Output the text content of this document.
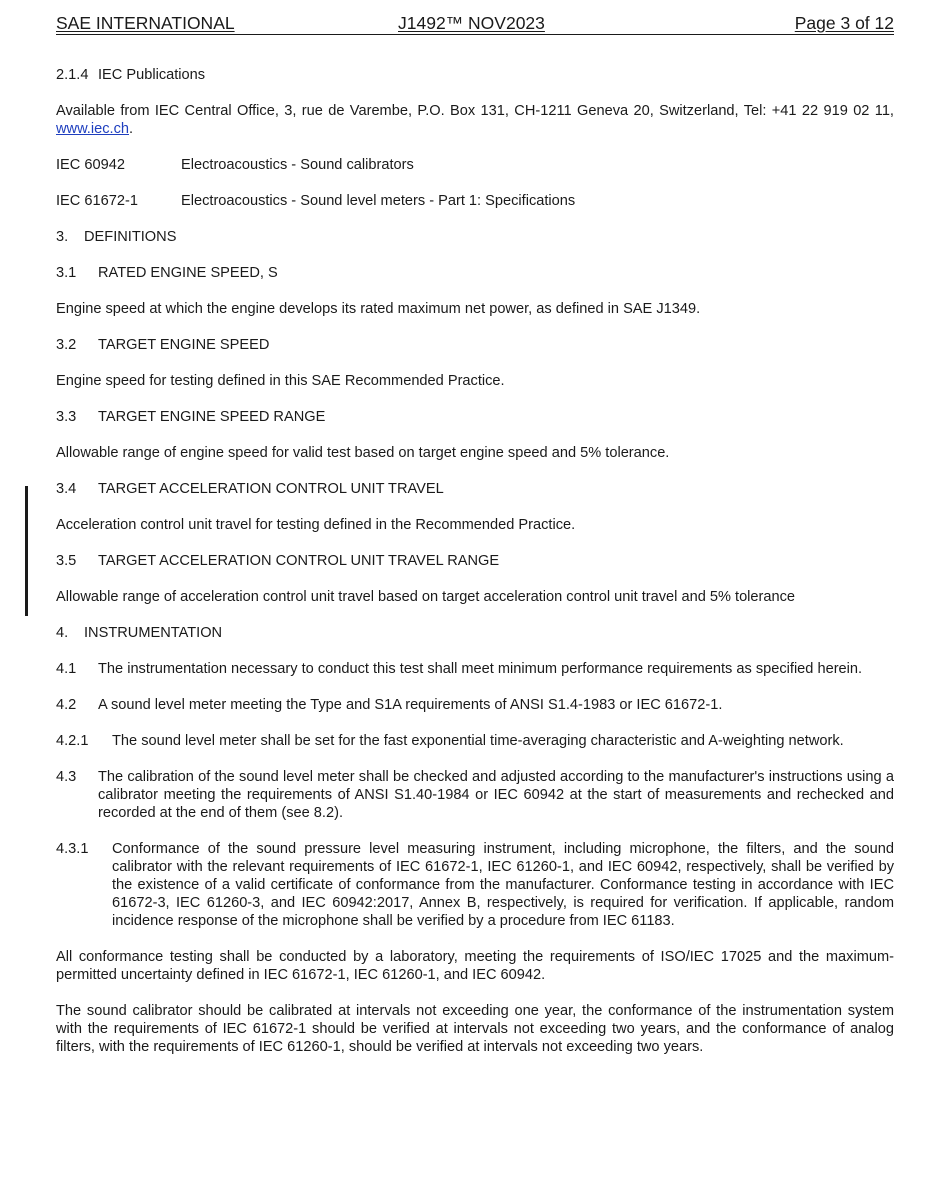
SAE INTERNATIONAL	J1492™ NOV2023	Page 3 of 12
2.1.4 IEC Publications

Available from IEC Central Office, 3, rue de Varembe, P.O. Box 131, CH-1211 Geneva 20, Switzerland, Tel: +41 22 919 02 11, www.iec.ch.

IEC 60942	Electroacoustics - Sound calibrators
IEC 61672-1	Electroacoustics - Sound level meters - Part 1: Specifications
3.	DEFINITIONS
3.1	RATED ENGINE SPEED, S

Engine speed at which the engine develops its rated maximum net power, as defined in SAE J1349.

3.2	TARGET ENGINE SPEED

Engine speed for testing defined in this SAE Recommended Practice.

3.3	TARGET ENGINE SPEED RANGE

Allowable range of engine speed for valid test based on target engine speed and 5% tolerance.

3.4	TARGET ACCELERATION CONTROL UNIT TRAVEL

Acceleration control unit travel for testing defined in the Recommended Practice.

3.5	TARGET ACCELERATION CONTROL UNIT TRAVEL RANGE

Allowable range of acceleration control unit travel based on target acceleration control unit travel and 5% tolerance

4.	INSTRUMENTATION
4.1	The instrumentation necessary to conduct this test shall meet minimum performance requirements as specified herein.
4.2	A sound level meter meeting the Type and S1A requirements of ANSI S1.4-1983 or IEC 61672-1.
4.2.1	The sound level meter shall be set for the fast exponential time-averaging characteristic and A-weighting network.
4.3	The calibration of the sound level meter shall be checked and adjusted according to the manufacturer's instructions using a calibrator meeting the requirements of ANSI S1.40-1984 or IEC 60942 at the start of measurements and rechecked and recorded at the end of them (see 8.2).
4.3.1	Conformance of the sound pressure level measuring instrument, including microphone, the filters, and the sound calibrator with the relevant requirements of IEC 61672-1, IEC 61260-1, and IEC 60942, respectively, shall be verified by the existence of a valid certificate of conformance from the manufacturer. Conformance testing in accordance with IEC 61672-3, IEC 61260-3, and IEC 60942:2017, Annex B, respectively, is required for verification. If applicable, random incidence response of the microphone shall be verified by a procedure from IEC 61183.

All conformance testing shall be conducted by a laboratory, meeting the requirements of ISO/IEC 17025 and the maximum-permitted uncertainty defined in IEC 61672-1, IEC 61260-1, and IEC 60942.

The sound calibrator should be calibrated at intervals not exceeding one year, the conformance of the instrumentation system with the requirements of IEC 61672-1 should be verified at intervals not exceeding two years, and the conformance of analog filters, with the requirements of IEC 61260-1, should be verified at intervals not exceeding two years.
